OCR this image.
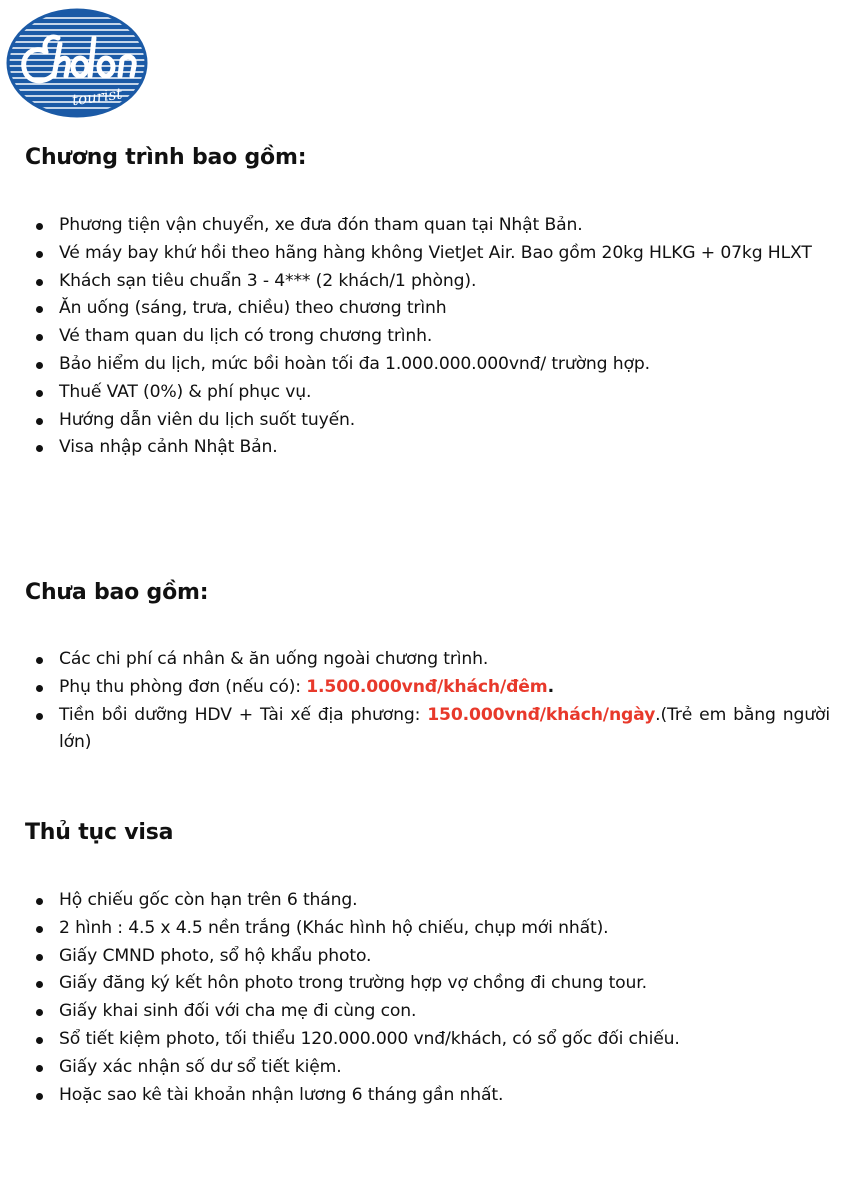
tourist
Chương trình bao gồm:
Phương tiện vận chuyển, xe đưa đón tham quan tại Nhật Bản.
Vé máy bay khứ hồi theo hãng hàng không VietJet Air. Bao gồm 20kg HLKG + 07kg HLXT
Khách sạn tiêu chuẩn 3 - 4*** (2 khách/1 phòng).
Ăn uống (sáng, trưa, chiều) theo chương trình
Vé tham quan du lịch có trong chương trình.
Bảo hiểm du lịch, mức bồi hoàn tối đa 1.000.000.000vnđ/ trường hợp.
Thuế VAT (0%) & phí phục vụ.
Hướng dẫn viên du lịch suốt tuyến.
Visa nhập cảnh Nhật Bản.
Chưa bao gồm:
Các chi phí cá nhân & ăn uống ngoài chương trình.
Phụ thu phòng đơn (nếu có): 1.500.000vnđ/khách/đêm.
Tiền bồi dưỡng HDV + Tài xế địa phương: 150.000vnđ/khách/ngày.(Trẻ em bằng người lớn)
Thủ tục visa
Hộ chiếu gốc còn hạn trên 6 tháng.
2 hình : 4.5 x 4.5 nền trắng (Khác hình hộ chiếu, chụp mới nhất).
Giấy CMND photo, sổ hộ khẩu photo.
Giấy đăng ký kết hôn photo trong trường hợp vợ chồng đi chung tour.
Giấy khai sinh đối với cha mẹ đi cùng con.
Sổ tiết kiệm photo, tối thiểu 120.000.000 vnđ/khách, có sổ gốc đối chiếu.
Giấy xác nhận số dư sổ tiết kiệm.
Hoặc sao kê tài khoản nhận lương 6 tháng gần nhất.
